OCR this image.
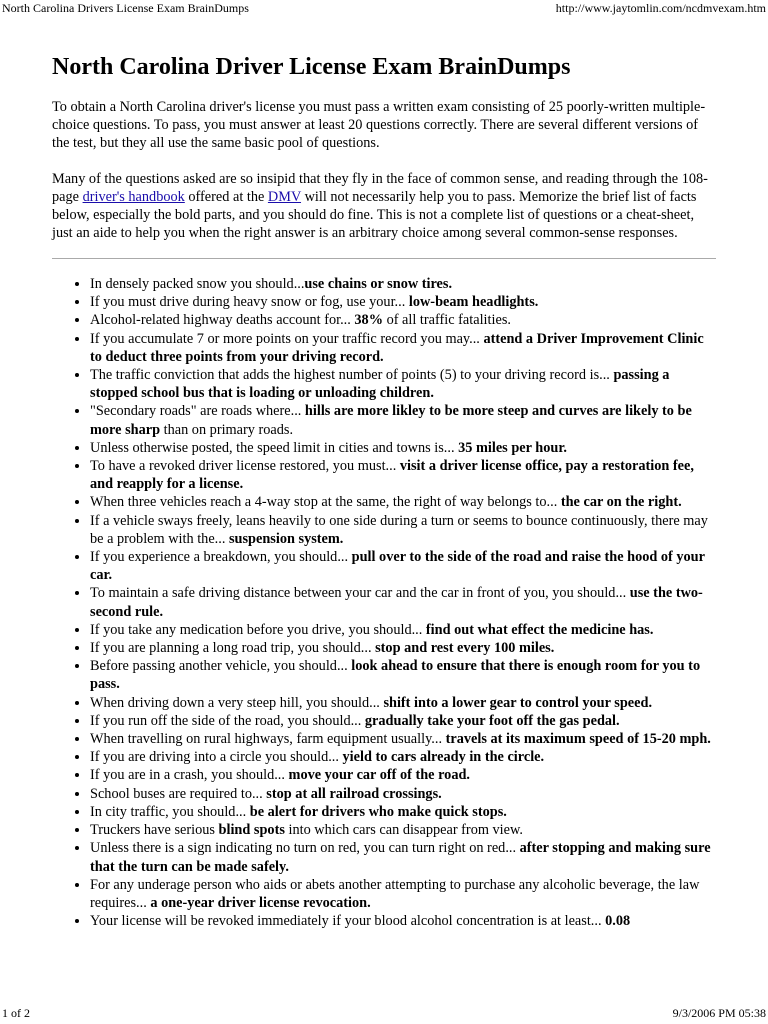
North Carolina Drivers License Exam BrainDumps	http://www.jaytomlin.com/ncdmvexam.htm
North Carolina Driver License Exam BrainDumps

To obtain a North Carolina driver's license you must pass a written exam consisting of 25 poorly-written multiple-choice questions. To pass, you must answer at least 20 questions correctly. There are several different versions of the test, but they all use the same basic pool of questions.

Many of the questions asked are so insipid that they fly in the face of common sense, and reading through the 108-page driver's handbook offered at the DMV will not necessarily help you to pass. Memorize the brief list of facts below, especially the bold parts, and you should do fine. This is not a complete list of questions or a cheat-sheet, just an aide to help you when the right answer is an arbitrary choice among several common-sense responses.

• In densely packed snow you should...use chains or snow tires.
• If you must drive during heavy snow or fog, use your... low-beam headlights.
• Alcohol-related highway deaths account for... 38% of all traffic fatalities.
• If you accumulate 7 or more points on your traffic record you may... attend a Driver Improvement Clinic to deduct three points from your driving record.
• The traffic conviction that adds the highest number of points (5) to your driving record is... passing a stopped school bus that is loading or unloading children.
• "Secondary roads" are roads where... hills are more likley to be more steep and curves are likely to be more sharp than on primary roads.
• Unless otherwise posted, the speed limit in cities and towns is... 35 miles per hour.
• To have a revoked driver license restored, you must... visit a driver license office, pay a restoration fee, and reapply for a license.
• When three vehicles reach a 4-way stop at the same, the right of way belongs to... the car on the right.
• If a vehicle sways freely, leans heavily to one side during a turn or seems to bounce continuously, there may be a problem with the... suspension system.
• If you experience a breakdown, you should... pull over to the side of the road and raise the hood of your car.
• To maintain a safe driving distance between your car and the car in front of you, you should... use the two-second rule.
• If you take any medication before you drive, you should... find out what effect the medicine has.
• If you are planning a long road trip, you should... stop and rest every 100 miles.
• Before passing another vehicle, you should... look ahead to ensure that there is enough room for you to pass.
• When driving down a very steep hill, you should... shift into a lower gear to control your speed.
• If you run off the side of the road, you should... gradually take your foot off the gas pedal.
• When travelling on rural highways, farm equipment usually... travels at its maximum speed of 15-20 mph.
• If you are driving into a circle you should... yield to cars already in the circle.
• If you are in a crash, you should... move your car off of the road.
• School buses are required to... stop at all railroad crossings.
• In city traffic, you should... be alert for drivers who make quick stops.
• Truckers have serious blind spots into which cars can disappear from view.
• Unless there is a sign indicating no turn on red, you can turn right on red... after stopping and making sure that the turn can be made safely.
• For any underage person who aids or abets another attempting to purchase any alcoholic beverage, the law requires... a one-year driver license revocation.
• Your license will be revoked immediately if your blood alcohol concentration is at least... 0.08
1 of 2	9/3/2006 PM 05:38
